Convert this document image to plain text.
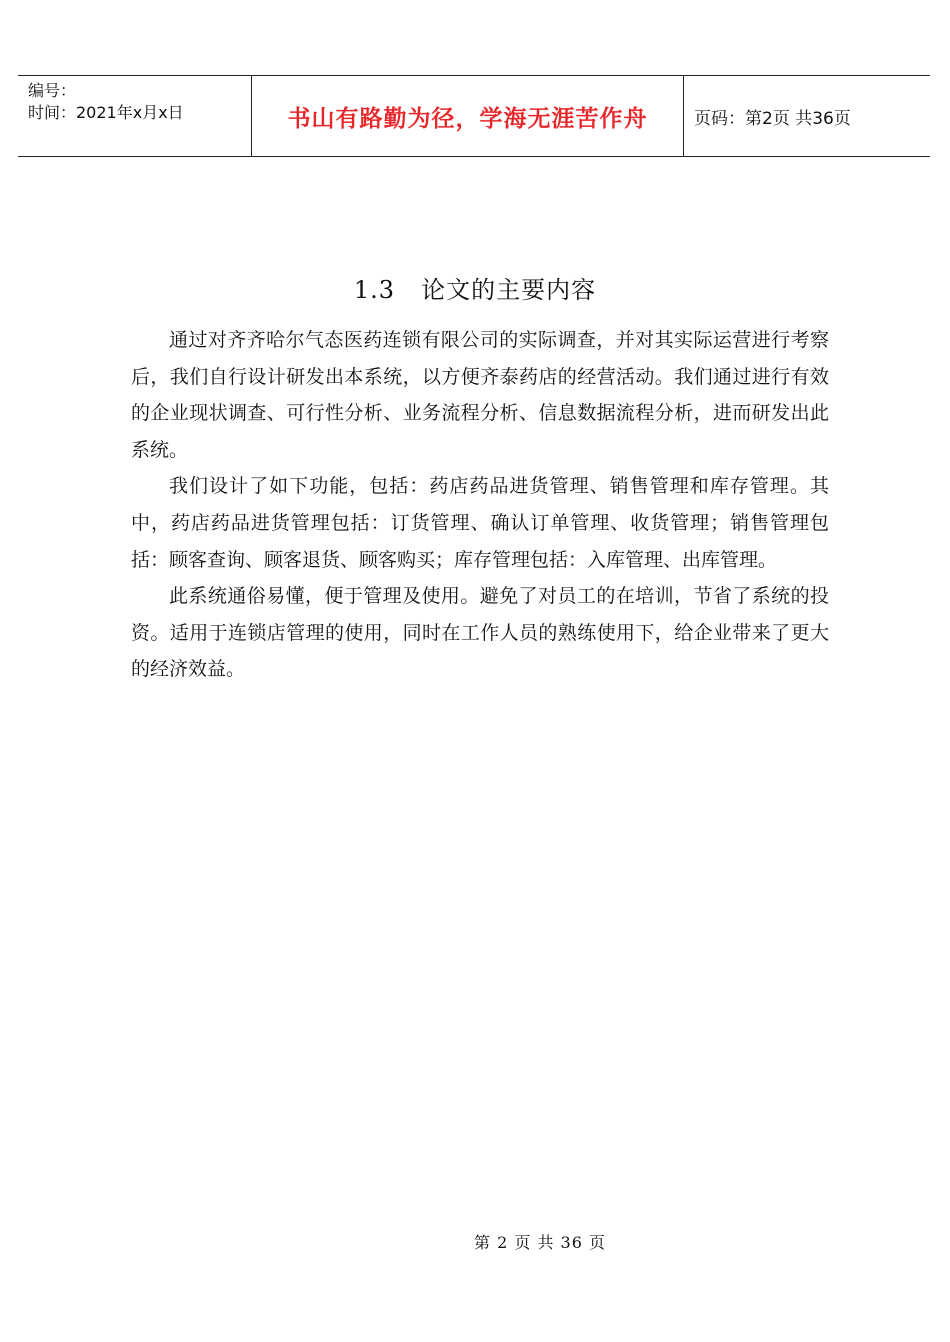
编号：
时间：2021年x月x日	书山有路勤为径，学海无涯苦作舟	页码：第2页 共36页
1.3 论文的主要内容

通过对齐齐哈尔气态医药连锁有限公司的实际调查，并对其实际运营进行考察后，我们自行设计研发出本系统，以方便齐泰药店的经营活动。我们通过进行有效的企业现状调查、可行性分析、业务流程分析、信息数据流程分析，进而研发出此系统。

我们设计了如下功能，包括：药店药品进货管理、销售管理和库存管理。其中，药店药品进货管理包括：订货管理、确认订单管理、收货管理；销售管理包括：顾客查询、顾客退货、顾客购买；库存管理包括：入库管理、出库管理。

此系统通俗易懂，便于管理及使用。避免了对员工的在培训，节省了系统的投资。适用于连锁店管理的使用，同时在工作人员的熟练使用下，给企业带来了更大的经济效益。

第 2 页 共 36 页
